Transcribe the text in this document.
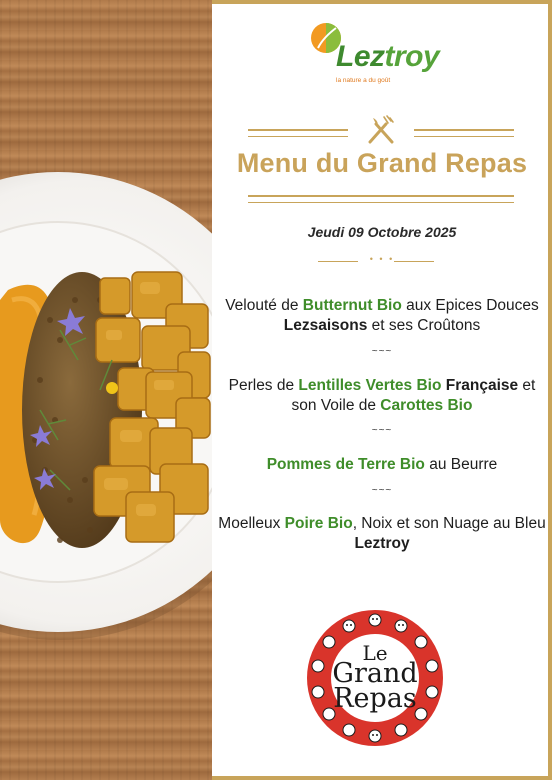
Leztroy
la nature a du goût
Menu du Grand Repas
Jeudi 09 Octobre 2025
• • •
Velouté de Butternut Bio aux Epices Douces Lezsaisons et ses Croûtons
~~~
Perles de Lentilles Vertes Bio Française et son Voile de Carottes Bio
~~~
Pommes de Terre Bio au Beurre
~~~
Moelleux Poire Bio, Noix et son Nuage au Bleu Leztroy
Le
Grand
Repas
